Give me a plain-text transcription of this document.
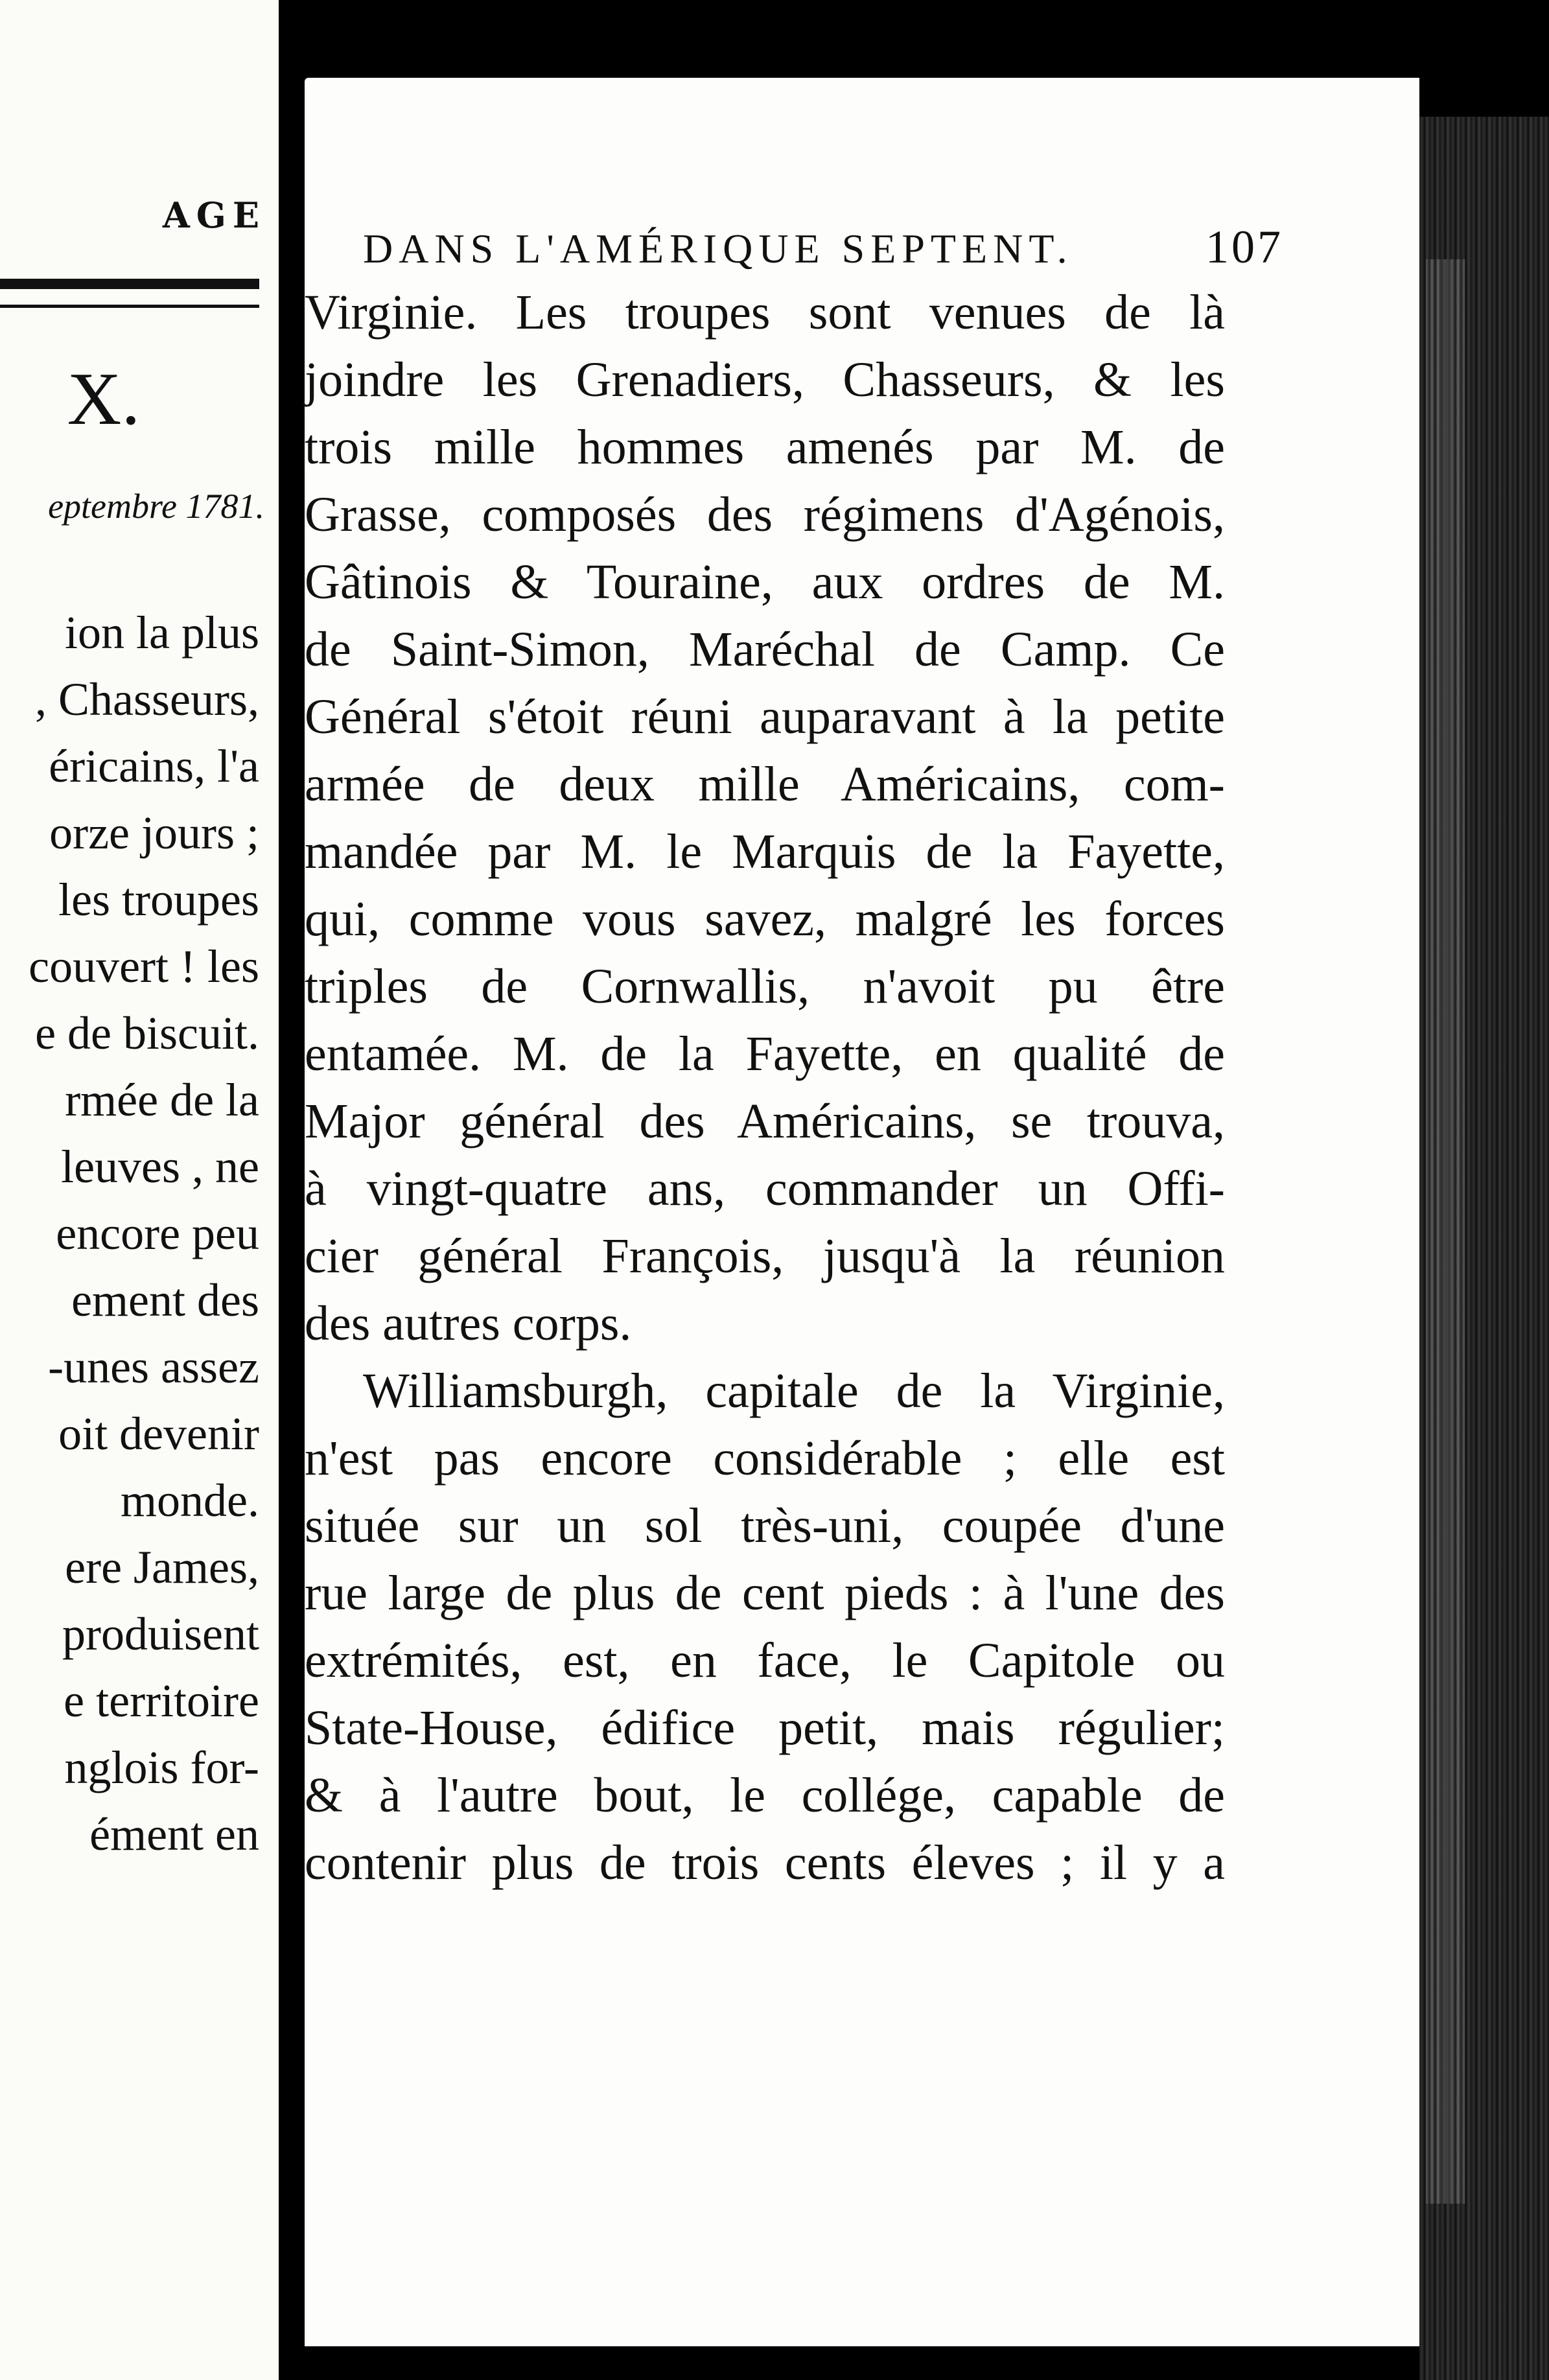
AGE
X.
eptembre 1781.
ion la plus
, Chasseurs,
éricains, l'a
orze jours ;
les troupes
couvert ! les
e de biscuit.
rmée de la
leuves , ne
encore peu
ement des
-unes assez
oit devenir
monde.
ere James,
produisent
e territoire
nglois for-
ément en
DANS L'AMÉRIQUE SEPTENT.	107
Virginie. Les troupes sont venues de là
joindre les Grenadiers, Chasseurs, & les
trois mille hommes amenés par M. de
Grasse, composés des régimens d'Agénois,
Gâtinois & Touraine, aux ordres de M.
de Saint-Simon, Maréchal de Camp. Ce
Général s'étoit réuni auparavant à la petite
armée de deux mille Américains, com-
mandée par M. le Marquis de la Fayette,
qui, comme vous savez, malgré les forces
triples de Cornwallis, n'avoit pu être
entamée. M. de la Fayette, en qualité de
Major général des Américains, se trouva,
à vingt-quatre ans, commander un Offi-
cier général François, jusqu'à la réunion
des autres corps.
Williamsburgh, capitale de la Virginie,
n'est pas encore considérable ; elle est
située sur un sol très-uni, coupée d'une
rue large de plus de cent pieds : à l'une des
extrémités, est, en face, le Capitole ou
State-House, édifice petit, mais régulier;
& à l'autre bout, le collége, capable de
contenir plus de trois cents éleves ; il y a
